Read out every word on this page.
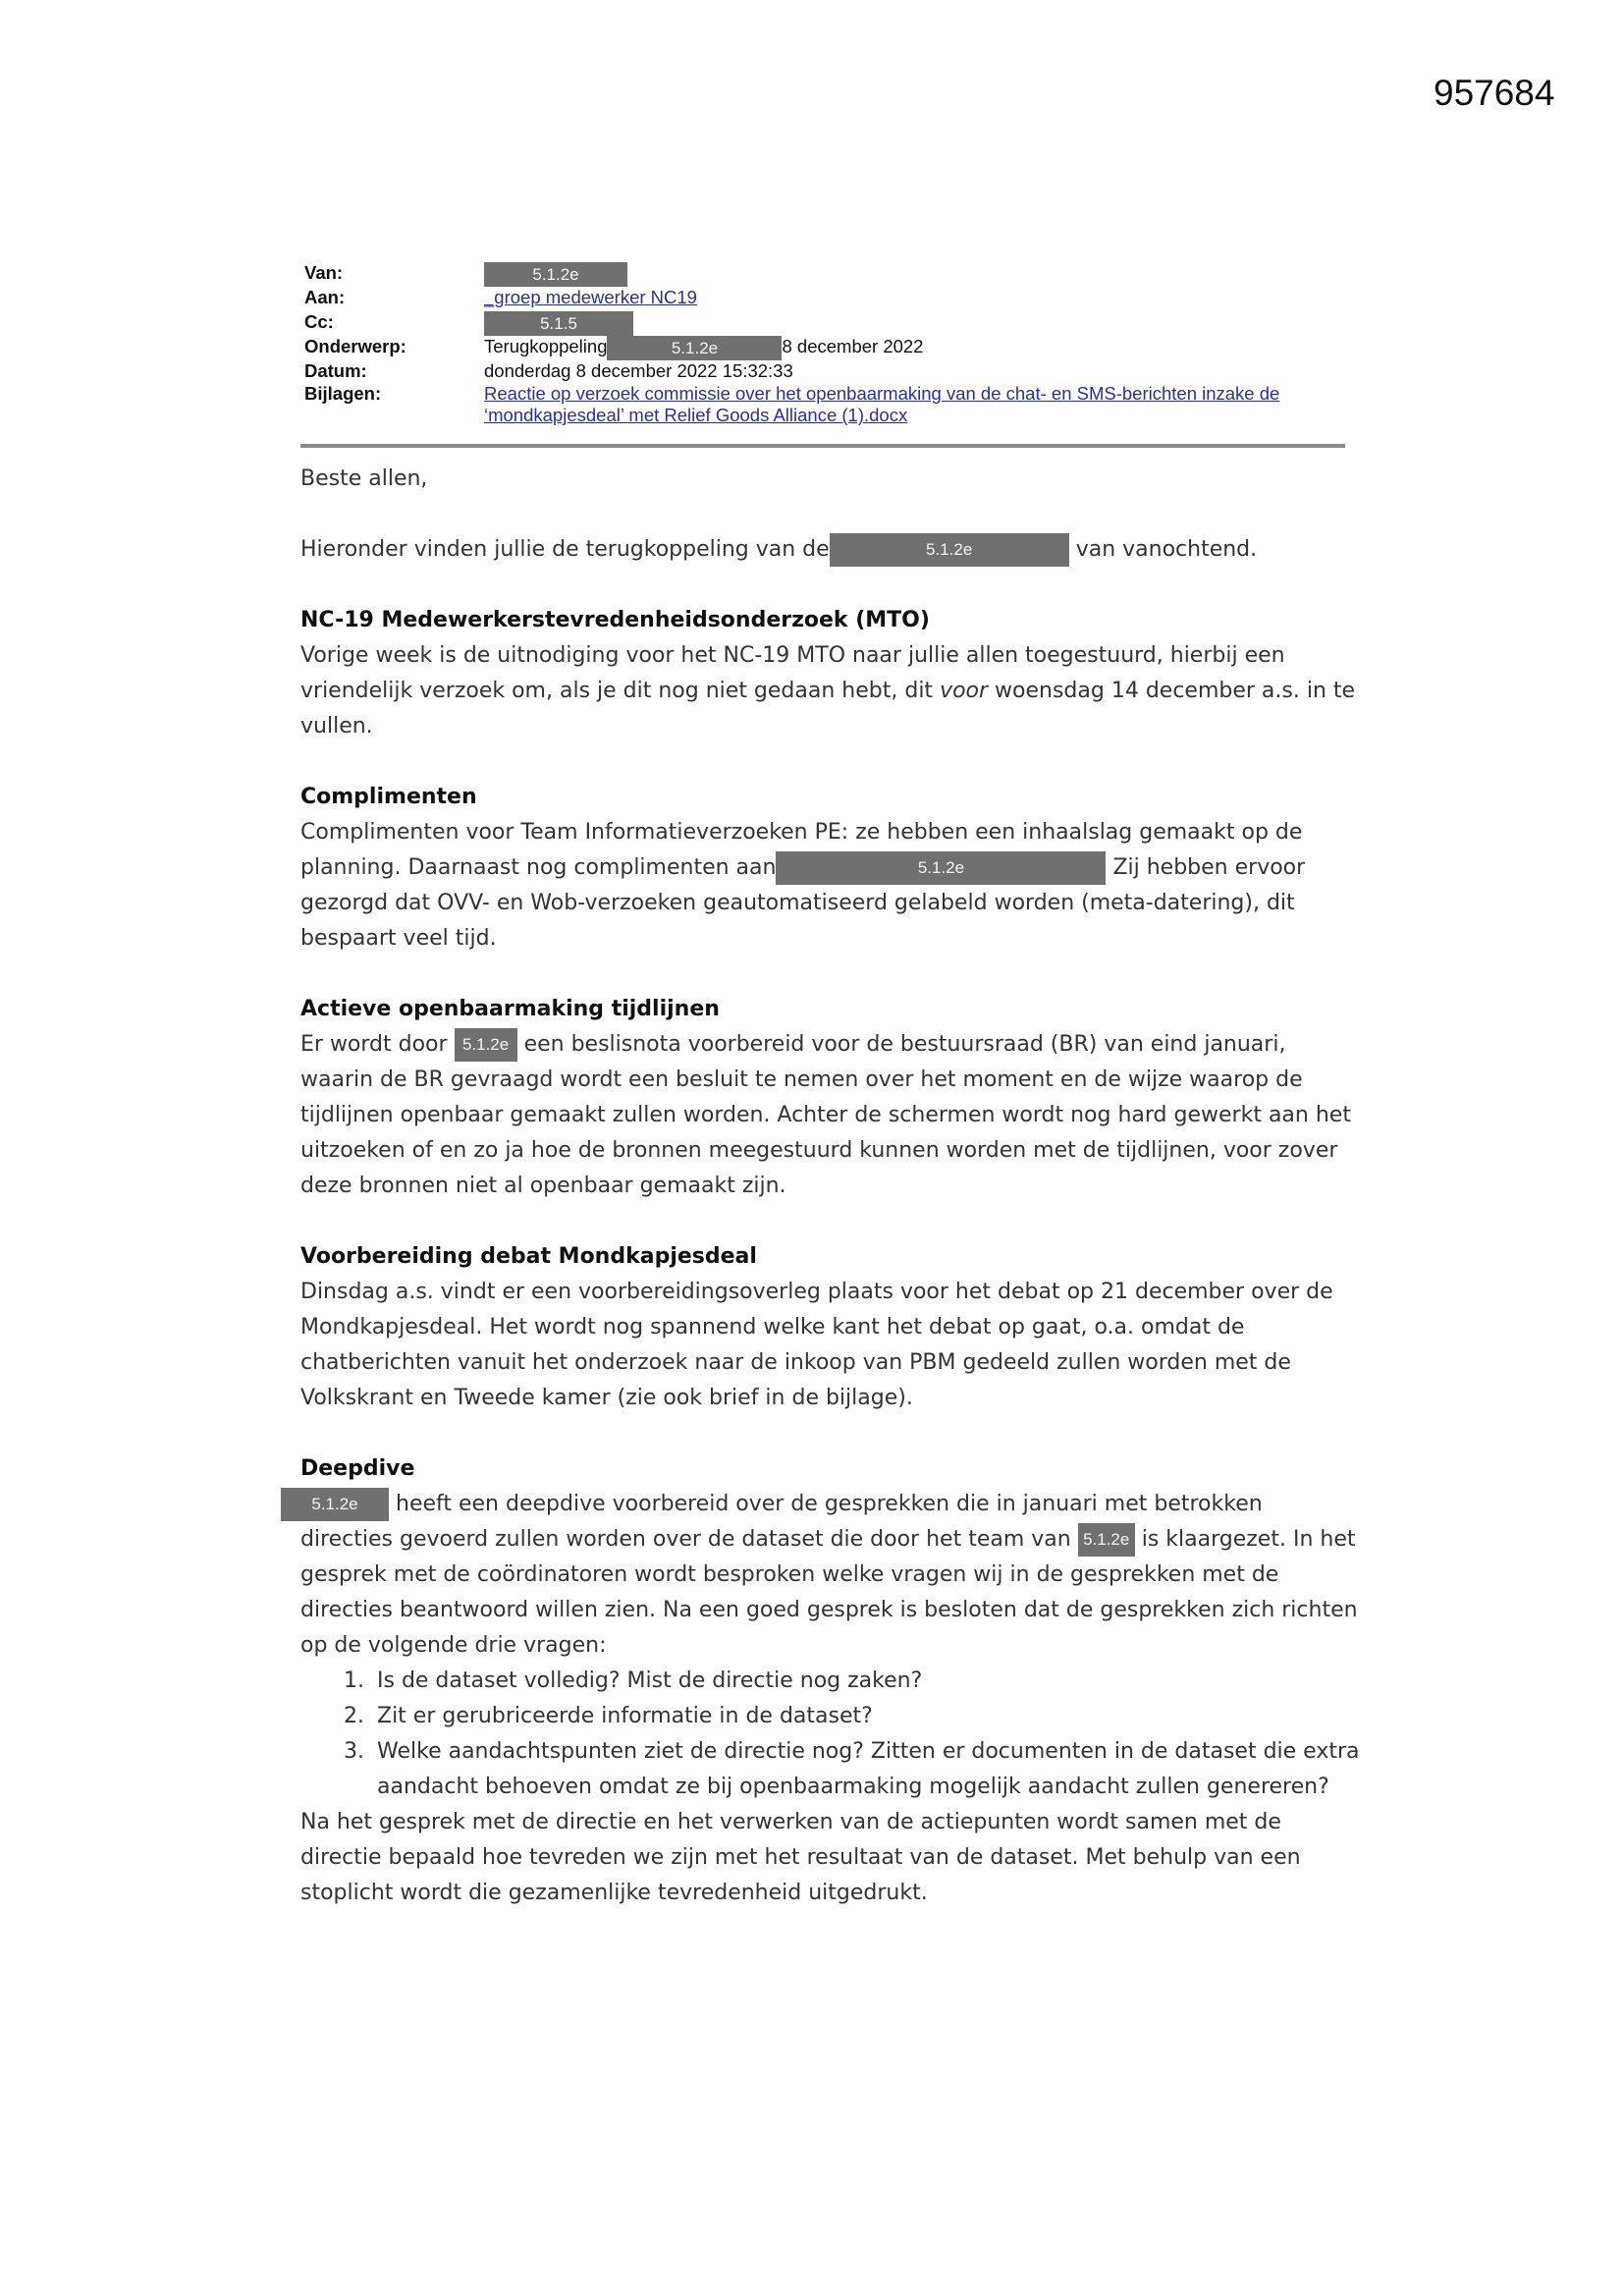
957684
Van:	5.1.2e
Aan:	_groep medewerker NC19
Cc:	5.1.5
Onderwerp:	Terugkoppeling	5.1.2e	8 december 2022
Datum:	donderdag 8 december 2022 15:32:33
Bijlagen:	Reactie op verzoek commissie over het openbaarmaking van de chat- en SMS-berichten inzake de ‘mondkapjesdeal’ met Relief Goods Alliance (1).docx

Beste allen,

Hieronder vinden jullie de terugkoppeling van de	5.1.2e	van vanochtend.

NC-19 Medewerkerstevredenheidsonderzoek (MTO)

Vorige week is de uitnodiging voor het NC-19 MTO naar jullie allen toegestuurd, hierbij een vriendelijk verzoek om, als je dit nog niet gedaan hebt, dit voor woensdag 14 december a.s. in te vullen.

Complimenten

Complimenten voor Team Informatieverzoeken PE: ze hebben een inhaalslag gemaakt op de planning. Daarnaast nog complimenten aan	5.1.2e	Zij hebben ervoor gezorgd dat OVV- en Wob-verzoeken geautomatiseerd gelabeld worden (meta-datering), dit bespaart veel tijd.

Actieve openbaarmaking tijdlijnen

Er wordt door 5.1.2e een beslisnota voorbereid voor de bestuursraad (BR) van eind januari, waarin de BR gevraagd wordt een besluit te nemen over het moment en de wijze waarop de tijdlijnen openbaar gemaakt zullen worden. Achter de schermen wordt nog hard gewerkt aan het uitzoeken of en zo ja hoe de bronnen meegestuurd kunnen worden met de tijdlijnen, voor zover deze bronnen niet al openbaar gemaakt zijn.

Voorbereiding debat Mondkapjesdeal

Dinsdag a.s. vindt er een voorbereidingsoverleg plaats voor het debat op 21 december over de Mondkapjesdeal. Het wordt nog spannend welke kant het debat op gaat, o.a. omdat de chatberichten vanuit het onderzoek naar de inkoop van PBM gedeeld zullen worden met de Volkskrant en Tweede kamer (zie ook brief in de bijlage).

Deepdive

5.1.2e heeft een deepdive voorbereid over de gesprekken die in januari met betrokken directies gevoerd zullen worden over de dataset die door het team van 5.1.2e is klaargezet. In het gesprek met de coördinatoren wordt besproken welke vragen wij in de gesprekken met de directies beantwoord willen zien. Na een goed gesprek is besloten dat de gesprekken zich richten op de volgende drie vragen:

1. Is de dataset volledig? Mist de directie nog zaken?
2. Zit er gerubriceerde informatie in de dataset?
3. Welke aandachtspunten ziet de directie nog? Zitten er documenten in de dataset die extra aandacht behoeven omdat ze bij openbaarmaking mogelijk aandacht zullen genereren?

Na het gesprek met de directie en het verwerken van de actiepunten wordt samen met de directie bepaald hoe tevreden we zijn met het resultaat van de dataset. Met behulp van een stoplicht wordt die gezamenlijke tevredenheid uitgedrukt.
